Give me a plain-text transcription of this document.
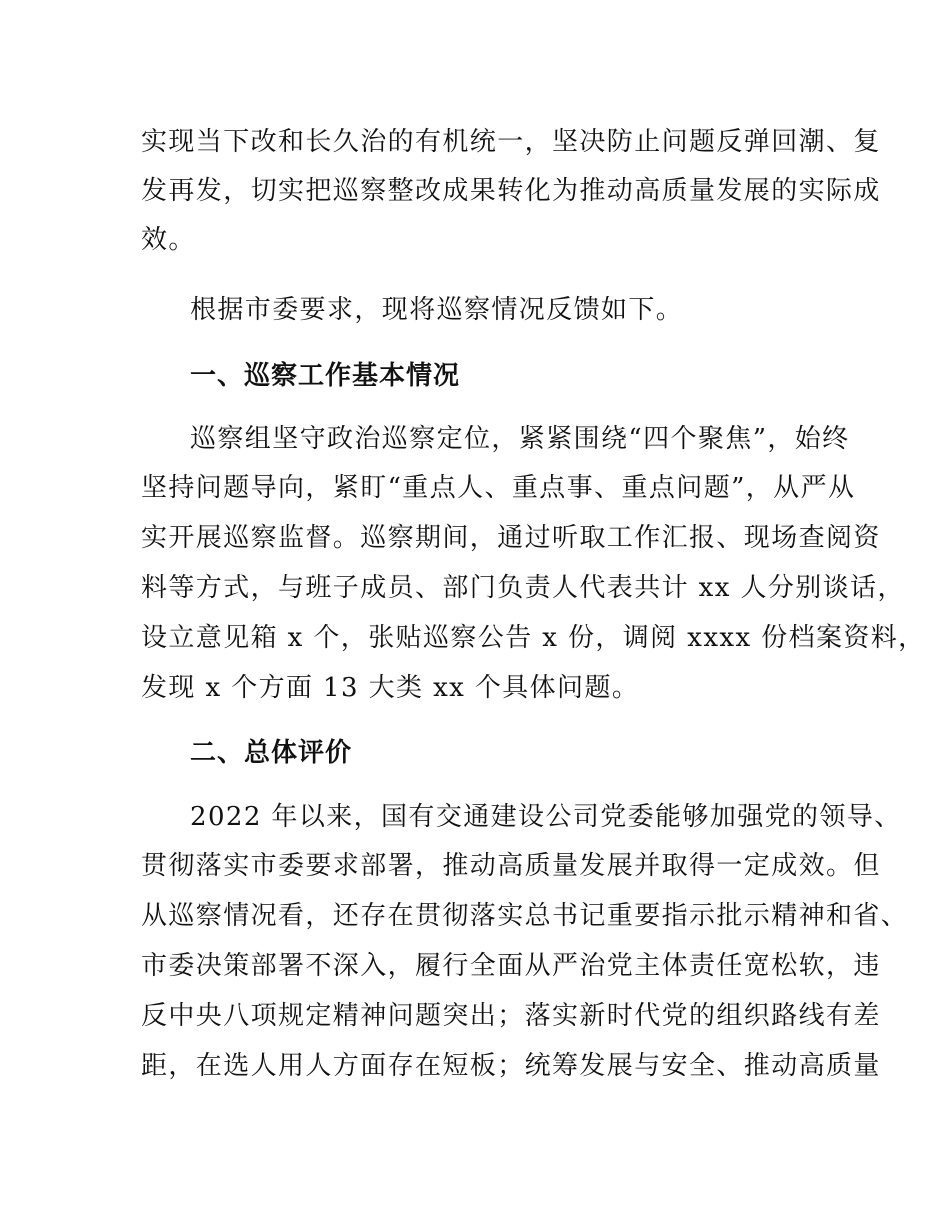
实现当下改和长久治的有机统一，坚决防止问题反弹回潮、复
发再发，切实把巡察整改成果转化为推动高质量发展的实际成
效。
根据市委要求，现将巡察情况反馈如下。
一、巡察工作基本情况
巡察组坚守政治巡察定位，紧紧围绕“四个聚焦”，始终
坚持问题导向，紧盯“重点人、重点事、重点问题”，从严从
实开展巡察监督。巡察期间，通过听取工作汇报、现场查阅资
料等方式，与班子成员、部门负责人代表共计 xx 人分别谈话，
设立意见箱 x 个，张贴巡察公告 x 份，调阅 xxxx 份档案资料，
发现 x 个方面 13 大类 xx 个具体问题。
二、总体评价
2022 年以来，国有交通建设公司党委能够加强党的领导、
贯彻落实市委要求部署，推动高质量发展并取得一定成效。但
从巡察情况看，还存在贯彻落实总书记重要指示批示精神和省、
市委决策部署不深入，履行全面从严治党主体责任宽松软，违
反中央八项规定精神问题突出；落实新时代党的组织路线有差
距，在选人用人方面存在短板；统筹发展与安全、推动高质量
